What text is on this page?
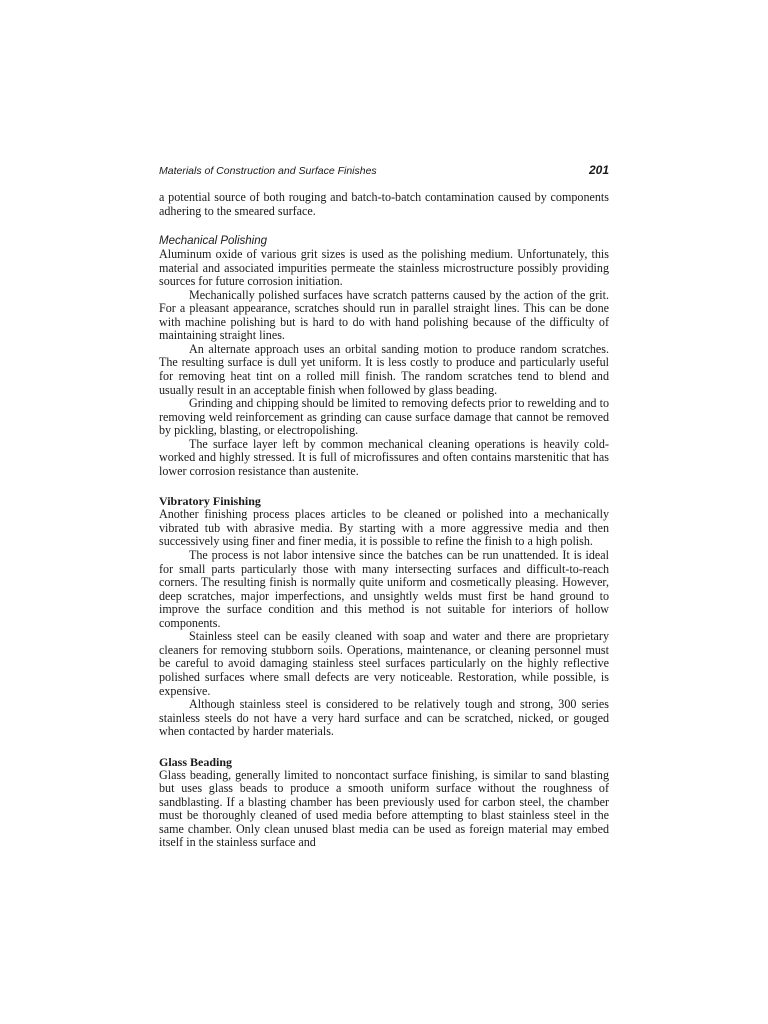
Materials of Construction and Surface Finishes	201

a potential source of both rouging and batch-to-batch contamination caused by components adhering to the smeared surface.

Mechanical Polishing

Aluminum oxide of various grit sizes is used as the polishing medium. Unfortunately, this material and associated impurities permeate the stainless microstructure possibly providing sources for future corrosion initiation.

Mechanically polished surfaces have scratch patterns caused by the action of the grit. For a pleasant appearance, scratches should run in parallel straight lines. This can be done with machine polishing but is hard to do with hand polishing because of the difficulty of maintaining straight lines.

An alternate approach uses an orbital sanding motion to produce random scratches. The resulting surface is dull yet uniform. It is less costly to produce and particularly useful for removing heat tint on a rolled mill finish. The random scratches tend to blend and usually result in an acceptable finish when followed by glass beading.

Grinding and chipping should be limited to removing defects prior to rewelding and to removing weld reinforcement as grinding can cause surface damage that cannot be removed by pickling, blasting, or electropolishing.

The surface layer left by common mechanical cleaning operations is heavily cold-worked and highly stressed. It is full of microfissures and often contains marstenitic that has lower corrosion resistance than austenite.

Vibratory Finishing

Another finishing process places articles to be cleaned or polished into a mechanically vibrated tub with abrasive media. By starting with a more aggressive media and then successively using finer and finer media, it is possible to refine the finish to a high polish.

The process is not labor intensive since the batches can be run unattended. It is ideal for small parts particularly those with many intersecting surfaces and difficult-to-reach corners. The resulting finish is normally quite uniform and cosmetically pleasing. However, deep scratches, major imperfections, and unsightly welds must first be hand ground to improve the surface condition and this method is not suitable for interiors of hollow components.

Stainless steel can be easily cleaned with soap and water and there are proprietary cleaners for removing stubborn soils. Operations, maintenance, or cleaning personnel must be careful to avoid damaging stainless steel surfaces particularly on the highly reflective polished surfaces where small defects are very noticeable. Restoration, while possible, is expensive.

Although stainless steel is considered to be relatively tough and strong, 300 series stainless steels do not have a very hard surface and can be scratched, nicked, or gouged when contacted by harder materials.

Glass Beading

Glass beading, generally limited to noncontact surface finishing, is similar to sand blasting but uses glass beads to produce a smooth uniform surface without the roughness of sandblasting. If a blasting chamber has been previously used for carbon steel, the chamber must be thoroughly cleaned of used media before attempting to blast stainless steel in the same chamber. Only clean unused blast media can be used as foreign material may embed itself in the stainless surface and
